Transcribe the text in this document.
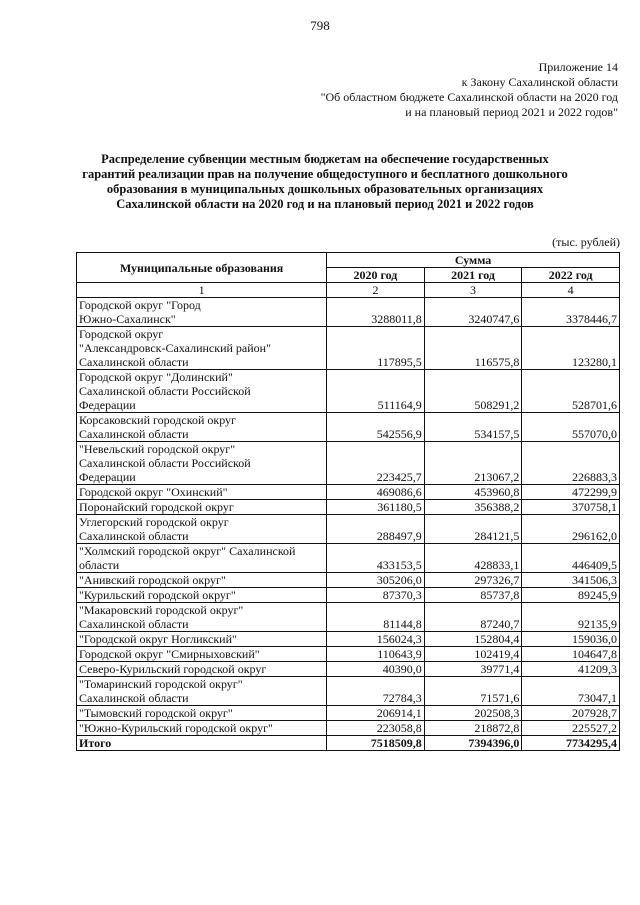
798
Приложение 14
к Закону Сахалинской области
"Об областном бюджете Сахалинской области на 2020 год
и на плановый период 2021 и 2022 годов"
Распределение субвенции местным бюджетам на обеспечение государственных
гарантий реализации прав на получение общедоступного и бесплатного дошкольного
образования в муниципальных дошкольных образовательных организациях
Сахалинской области на 2020 год и на плановый период 2021 и 2022 годов
(тыс. рублей)
Муниципальные образования	Сумма		
	2020 год	2021 год	2022 год
1	2	3	4

Городской округ "Город
Южно-Сахалинск"	3288011,8	3240747,6	3378446,7

Городской округ
"Александровск-Сахалинский район"
Сахалинской области	117895,5	116575,8	123280,1

Городской округ "Долинский"
Сахалинской области Российской
Федерации	511164,9	508291,2	528701,6

Корсаковский городской округ
Сахалинской области	542556,9	534157,5	557070,0

"Невельский городской округ"
Сахалинской области Российской
Федерации	223425,7	213067,2	226883,3

Городской округ "Охинский"	469086,6	453960,8	472299,9

Поронайский городской округ	361180,5	356388,2	370758,1

Углегорский городской округ
Сахалинской области	288497,9	284121,5	296162,0

"Холмский городской округ" Сахалинской
области	433153,5	428833,1	446409,5

"Анивский городской округ"	305206,0	297326,7	341506,3

"Курильский городской округ"	87370,3	85737,8	89245,9

"Макаровский городской округ"
Сахалинской области	81144,8	87240,7	92135,9

"Городской округ Ногликский"	156024,3	152804,4	159036,0

Городской округ "Смирныховский"	110643,9	102419,4	104647,8

Северо-Курильский городской округ	40390,0	39771,4	41209,3

"Томаринский городской округ"
Сахалинской области	72784,3	71571,6	73047,1

"Тымовский городской округ"	206914,1	202508,3	207928,7

"Южно-Курильский городской округ"	223058,8	218872,8	225527,2
Итого	7518509,8	7394396,0	7734295,4
